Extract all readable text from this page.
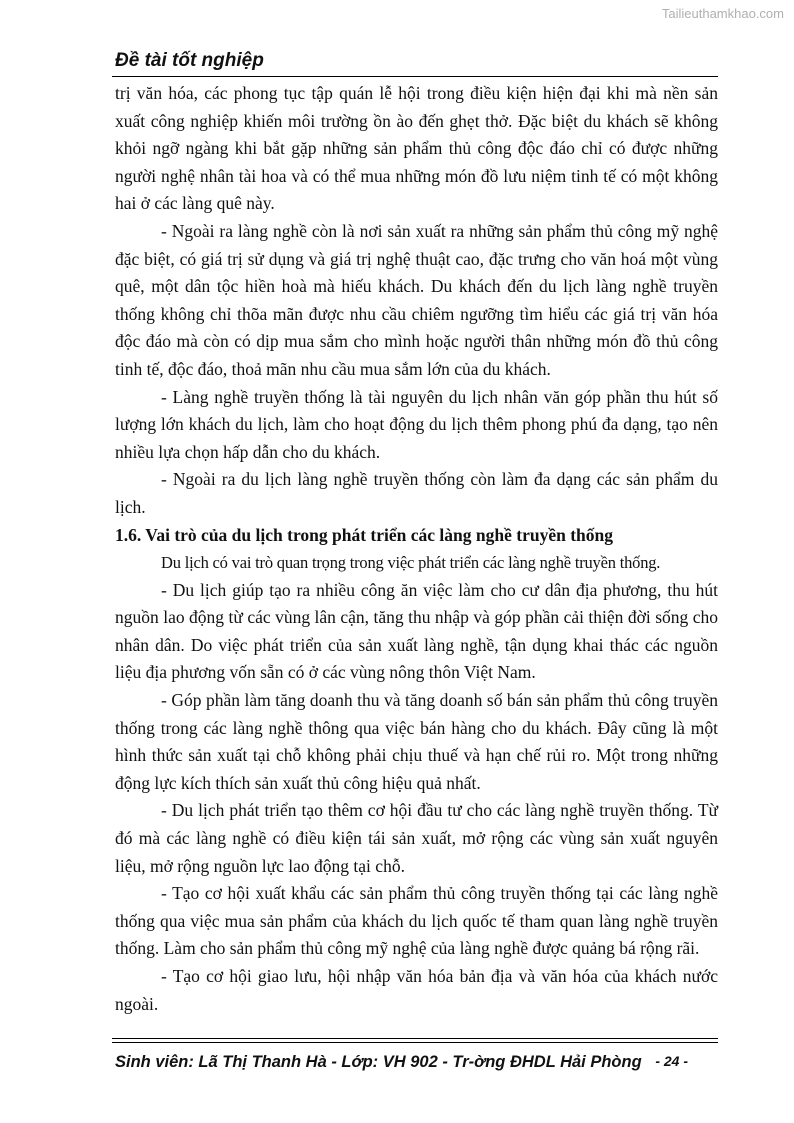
Tailieuthamkhao.com
Đề tài tốt nghiệp

trị văn hóa, các phong tục tập quán lễ hội trong điều kiện hiện đại khi mà nền sản xuất công nghiệp khiến môi trường ồn ào đến ghẹt thở. Đặc biệt du khách sẽ không khỏi ngỡ ngàng khi bắt gặp những sản phẩm thủ công độc đáo chỉ có được những người nghệ nhân tài hoa và có thể mua những món đồ lưu niệm tinh tế có một không hai ở các làng quê này.

- Ngoài ra làng nghề còn là nơi sản xuất ra những sản phẩm thủ công mỹ nghệ đặc biệt, có giá trị sử dụng và giá trị nghệ thuật cao, đặc trưng cho văn hoá một vùng quê, một dân tộc hiền hoà mà hiếu khách. Du khách đến du lịch làng nghề truyền thống không chỉ thõa mãn được nhu cầu chiêm ngưỡng tìm hiểu các giá trị văn hóa độc đáo mà còn có dịp mua sắm cho mình hoặc người thân những món đồ thủ công tinh tế, độc đáo, thoả mãn nhu cầu mua sắm lớn của du khách.

- Làng nghề truyền thống là tài nguyên du lịch nhân văn góp phần thu hút số lượng lớn khách du lịch, làm cho hoạt động du lịch thêm phong phú đa dạng, tạo nên nhiều lựa chọn hấp dẫn cho du khách.

- Ngoài ra du lịch làng nghề truyền thống còn làm đa dạng các sản phẩm du lịch.

1.6. Vai trò của du lịch trong phát triển các làng nghề truyền thống

Du lịch có vai trò quan trọng trong việc phát triển các làng nghề truyền thống.

- Du lịch giúp tạo ra nhiều công ăn việc làm cho cư dân địa phương, thu hút nguồn lao động từ các vùng lân cận, tăng thu nhập và góp phần cải thiện đời sống cho nhân dân. Do việc phát triển của sản xuất làng nghề, tận dụng khai thác các nguồn liệu địa phương vốn sẵn có ở các vùng nông thôn Việt Nam.

- Góp phần làm tăng doanh thu và tăng doanh số bán sản phẩm thủ công truyền thống trong các làng nghề thông qua việc bán hàng cho du khách. Đây cũng là một hình thức sản xuất tại chỗ không phải chịu thuế và hạn chế rủi ro. Một trong những động lực kích thích sản xuất thủ công hiệu quả nhất.

- Du lịch phát triển tạo thêm cơ hội đầu tư cho các làng nghề truyền thống. Từ đó mà các làng nghề có điều kiện tái sản xuất, mở rộng các vùng sản xuất nguyên liệu, mở rộng nguồn lực lao động tại chỗ.

- Tạo cơ hội xuất khẩu các sản phẩm thủ công truyền thống tại các làng nghề thống qua việc mua sản phẩm của khách du lịch quốc tế tham quan làng nghề truyền thống. Làm cho sản phẩm thủ công mỹ nghệ của làng nghề được quảng bá rộng rãi.

- Tạo cơ hội giao lưu, hội nhập văn hóa bản địa và văn hóa của khách nước ngoài.

Sinh viên: Lã Thị Thanh Hà - Lớp: VH 902 - Tr-ờng ĐHDL Hải Phòng - 24 -
